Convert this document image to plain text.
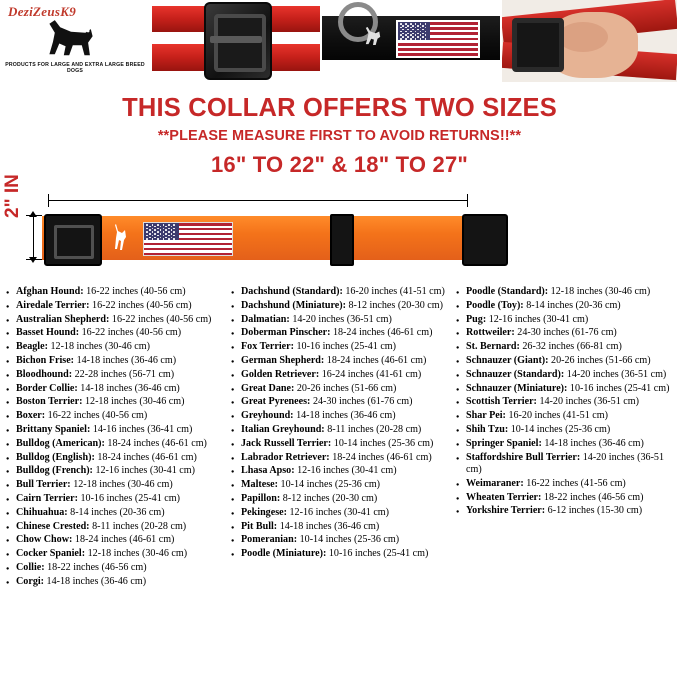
DeziZeusK9
PRODUCTS FOR LARGE AND EXTRA LARGE BREED DOGS
THIS COLLAR OFFERS TWO SIZES
**PLEASE MEASURE FIRST TO AVOID RETURNS!!**
16" TO 22" & 18" TO 27"
2" IN
● Afghan Hound: 16-22 inches (40-56 cm)
● Airedale Terrier: 16-22 inches (40-56 cm)
● Australian Shepherd: 16-22 inches (40-56 cm)
● Basset Hound: 16-22 inches (40-56 cm)
● Beagle: 12-18 inches (30-46 cm)
● Bichon Frise: 14-18 inches (36-46 cm)
● Bloodhound: 22-28 inches (56-71 cm)
● Border Collie: 14-18 inches (36-46 cm)
● Boston Terrier: 12-18 inches (30-46 cm)
● Boxer: 16-22 inches (40-56 cm)
● Brittany Spaniel: 14-16 inches (36-41 cm)
● Bulldog (American): 18-24 inches (46-61 cm)
● Bulldog (English): 18-24 inches (46-61 cm)
● Bulldog (French): 12-16 inches (30-41 cm)
● Bull Terrier: 12-18 inches (30-46 cm)
● Cairn Terrier: 10-16 inches (25-41 cm)
● Chihuahua: 8-14 inches (20-36 cm)
● Chinese Crested: 8-11 inches (20-28 cm)
● Chow Chow: 18-24 inches (46-61 cm)
● Cocker Spaniel: 12-18 inches (30-46 cm)
● Collie: 18-22 inches (46-56 cm)
● Corgi: 14-18 inches (36-46 cm)
● Dachshund (Standard): 16-20 inches (41-51 cm)
● Dachshund (Miniature): 8-12 inches (20-30 cm)
● Dalmatian: 14-20 inches (36-51 cm)
● Doberman Pinscher: 18-24 inches (46-61 cm)
● Fox Terrier: 10-16 inches (25-41 cm)
● German Shepherd: 18-24 inches (46-61 cm)
● Golden Retriever: 16-24 inches (41-61 cm)
● Great Dane: 20-26 inches (51-66 cm)
● Great Pyrenees: 24-30 inches (61-76 cm)
● Greyhound: 14-18 inches (36-46 cm)
● Italian Greyhound: 8-11 inches (20-28 cm)
● Jack Russell Terrier: 10-14 inches (25-36 cm)
● Labrador Retriever: 18-24 inches (46-61 cm)
● Lhasa Apso: 12-16 inches (30-41 cm)
● Maltese: 10-14 inches (25-36 cm)
● Papillon: 8-12 inches (20-30 cm)
● Pekingese: 12-16 inches (30-41 cm)
● Pit Bull: 14-18 inches (36-46 cm)
● Pomeranian: 10-14 inches (25-36 cm)
● Poodle (Miniature): 10-16 inches (25-41 cm)
● Poodle (Standard): 12-18 inches (30-46 cm)
● Poodle (Toy): 8-14 inches (20-36 cm)
● Pug: 12-16 inches (30-41 cm)
● Rottweiler: 24-30 inches (61-76 cm)
● St. Bernard: 26-32 inches (66-81 cm)
● Schnauzer (Giant): 20-26 inches (51-66 cm)
● Schnauzer (Standard): 14-20 inches (36-51 cm)
● Schnauzer (Miniature): 10-16 inches (25-41 cm)
● Scottish Terrier: 14-20 inches (36-51 cm)
● Shar Pei: 16-20 inches (41-51 cm)
● Shih Tzu: 10-14 inches (25-36 cm)
● Springer Spaniel: 14-18 inches (36-46 cm)
● Staffordshire Bull Terrier: 14-20 inches (36-51 cm)
● Weimaraner: 16-22 inches (41-56 cm)
● Wheaten Terrier: 18-22 inches (46-56 cm)
● Yorkshire Terrier: 6-12 inches (15-30 cm)
